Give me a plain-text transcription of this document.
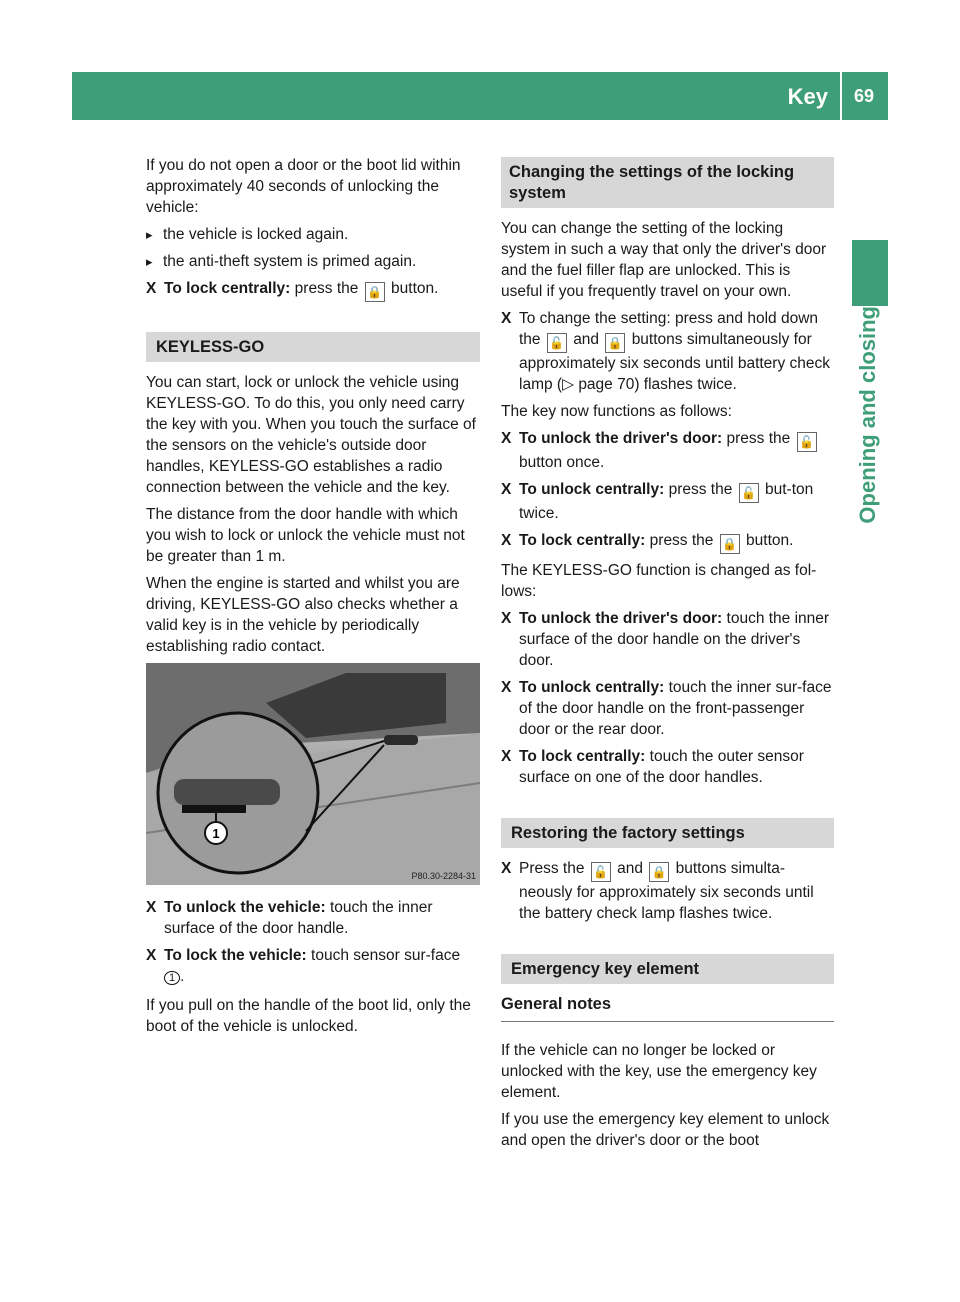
Key	69
Opening and closing

If you do not open a door or the boot lid within approximately 40 seconds of unlocking the vehicle:

▸ the vehicle is locked again.
▸ the anti-theft system is primed again.
X To lock centrally: press the 🔒 button.
KEYLESS-GO

You can start, lock or unlock the vehicle using KEYLESS-GO. To do this, you only need carry the key with you. When you touch the surface of the sensors on the vehicle's outside door handles, KEYLESS-GO establishes a radio connection between the vehicle and the key.

The distance from the door handle with which you wish to lock or unlock the vehicle must not be greater than 1 m.

When the engine is started and whilst you are driving, KEYLESS-GO also checks whether a valid key is in the vehicle by periodically establishing radio contact.

1
P80.30-2284-31
X To unlock the vehicle: touch the inner surface of the door handle.
X To lock the vehicle: touch sensor sur-face 1 .

If you pull on the handle of the boot lid, only the boot of the vehicle is unlocked.

Changing the settings of the locking system

You can change the setting of the locking system in such a way that only the driver's door and the fuel filler flap are unlocked. This is useful if you frequently travel on your own.

X To change the setting: press and hold down the 🔓 and 🔒 buttons simultaneously for approximately six seconds until battery check lamp (▷ page 70) flashes twice.

The key now functions as follows:

X To unlock the driver's door: press the 🔓 button once.
X To unlock centrally: press the 🔓 but-ton twice.
X To lock centrally: press the 🔒 button.

The KEYLESS-GO function is changed as fol-lows:

X To unlock the driver's door: touch the inner surface of the door handle on the driver's door.
X To unlock centrally: touch the inner sur-face of the door handle on the front-passenger door or the rear door.
X To lock centrally: touch the outer sensor surface on one of the door handles.
Restoring the factory settings
X Press the 🔓 and 🔒 buttons simulta-neously for approximately six seconds until the battery check lamp flashes twice.
Emergency key element
General notes

If the vehicle can no longer be locked or unlocked with the key, use the emergency key element.

If you use the emergency key element to unlock and open the driver's door or the boot
